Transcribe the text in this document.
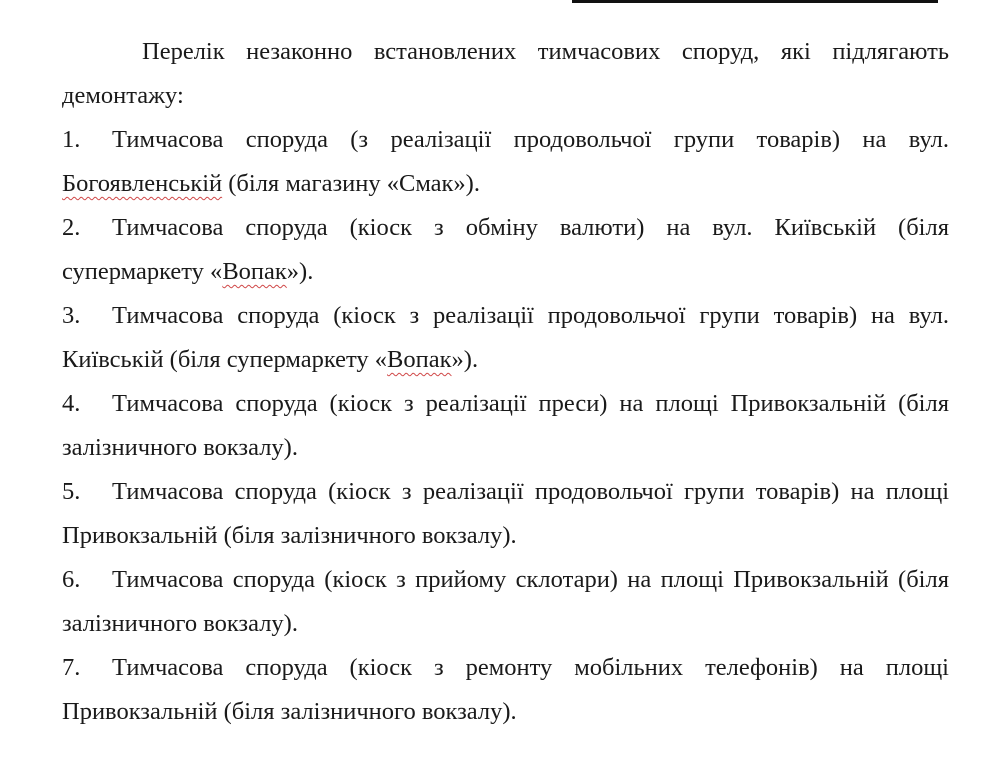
Перелік незаконно встановлених тимчасових споруд, які підлягають демонтажу:

1. Тимчасова споруда (з реалізації продовольчої групи товарів) на вул. Богоявленській (біля магазину «Смак»).

2. Тимчасова споруда (кіоск з обміну валюти) на вул. Київській (біля супермаркету «Вопак»).

3. Тимчасова споруда (кіоск з реалізації продовольчої групи товарів) на вул. Київській (біля супермаркету «Вопак»).

4. Тимчасова споруда (кіоск з реалізації преси) на площі Привокзальній (біля залізничного вокзалу).

5. Тимчасова споруда (кіоск з реалізації продовольчої групи товарів) на площі Привокзальній (біля залізничного вокзалу).

6. Тимчасова споруда (кіоск з прийому склотари) на площі Привокзальній (біля залізничного вокзалу).

7. Тимчасова споруда (кіоск з ремонту мобільних телефонів) на площі Привокзальній (біля залізничного вокзалу).
